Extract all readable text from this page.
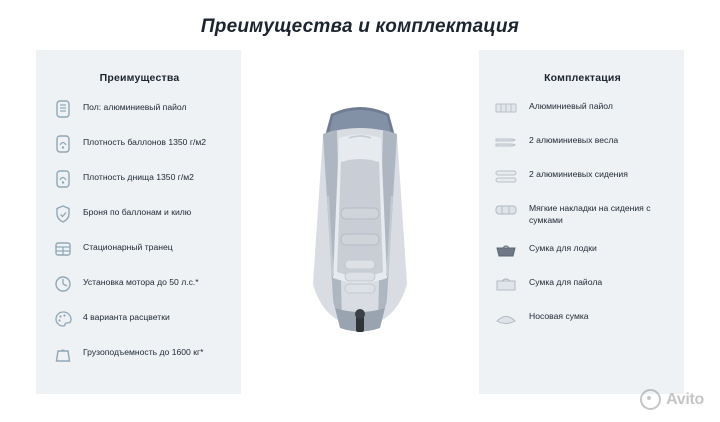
Преимущества и комплектация
Преимущества
Пол: алюминиевый пайол
Плотность баллонов 1350 г/м2
Плотность днища 1350 г/м2
Броня по баллонам и килю
Стационарный транец
Установка мотора до 50 л.с.*
4 варианта расцветки
Грузоподъемность до 1600 кг*
Комплектация
Алюминиевый пайол
2 алюминиевых весла
2 алюминиевых сидения
Мягкие накладки на сидения с сумками
Сумка для лодки
Сумка для пайола
Носовая сумка
Avito
